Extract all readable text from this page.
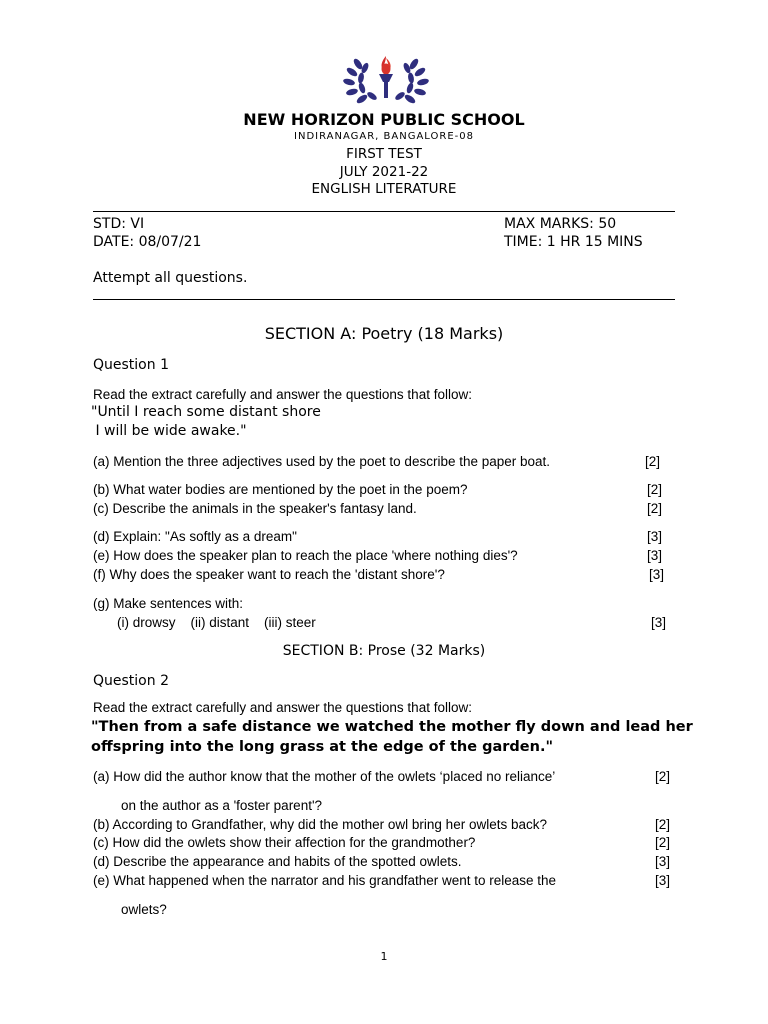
NEW HORIZON PUBLIC SCHOOL
INDIRANAGAR, BANGALORE-08
FIRST TEST
JULY 2021-22
ENGLISH LITERATURE
STD: VI	MAX MARKS: 50
DATE: 08/07/21	TIME: 1 HR 15 MINS
Attempt all questions.
SECTION A: Poetry (18 Marks)
Question 1
Read the extract carefully and answer the questions that follow:
"Until I reach some distant shore
I will be wide awake."
(a) Mention the three adjectives used by the poet to describe the paper boat.	[2]
(b) What water bodies are mentioned by the poet in the poem?	[2]
(c) Describe the animals in the speaker's fantasy land.	[2]
(d) Explain: "As softly as a dream"	[3]
(e) How does the speaker plan to reach the place 'where nothing dies'?	[3]
(f) Why does the speaker want to reach the 'distant shore'?	[3]
(g) Make sentences with:
(i) drowsy    (ii) distant    (iii) steer	[3]
SECTION B: Prose (32 Marks)
Question 2
Read the extract carefully and answer the questions that follow:
"Then from a safe distance we watched the mother fly down and lead her
offspring into the long grass at the edge of the garden."
(a) How did the author know that the mother of the owlets ‘placed no reliance’	[2]
on the author as a 'foster parent'?
(b) According to Grandfather, why did the mother owl bring her owlets back?	[2]
(c) How did the owlets show their affection for the grandmother?	[2]
(d) Describe the appearance and habits of the spotted owlets.	[3]
(e) What happened when the narrator and his grandfather went to release the	[3]
owlets?
1
